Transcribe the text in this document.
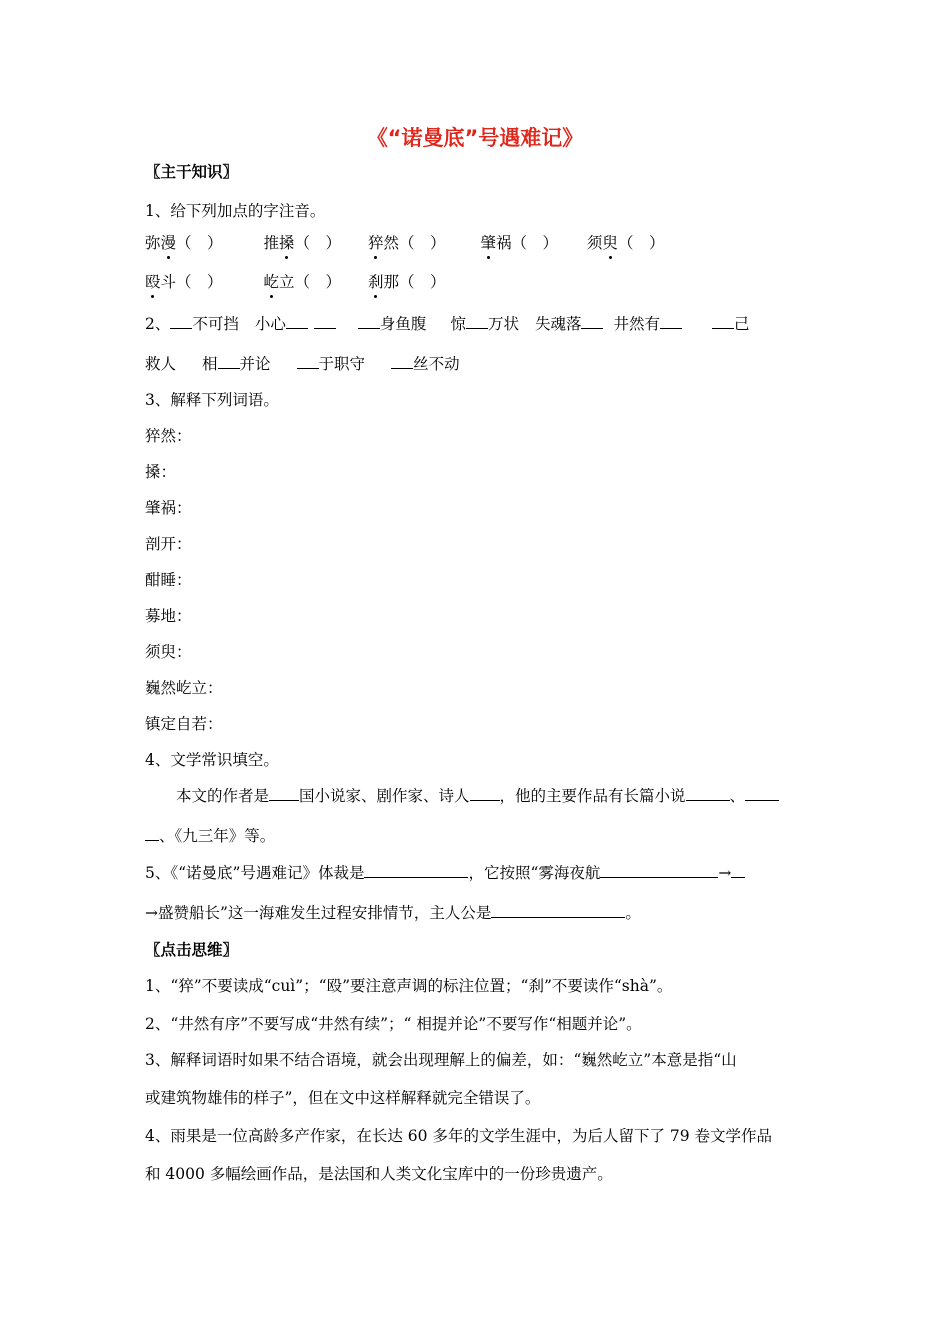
《“诺曼底”号遇难记》
〖主干知识〗
1、给下列加点的字注音。
弥漫（　）	推搡（　） 猝然（　） 肇祸（　） 须臾（　）
殴斗（　）	屹立（　） 刹那（　）
2、 不可挡 小心	身鱼腹 惊 万状 失魂落 井然有	己
救人 相 并论	于职守	丝不动
3、解释下列词语。
猝然：
搡：
肇祸：
剖开：
酣睡：
募地：
须臾：
巍然屹立：
镇定自若：
4、文学常识填空。
本文的作者是 国小说家、剧作家、诗人 ，他的主要作品有长篇小说	、
、《九三年》等。
5、《“诺曼底”号遇难记》体裁是	，它按照“雾海夜航	→
→盛赞船长”这一海难发生过程安排情节，主人公是	。
〖点击思维〗
1、“猝”不要读成“cuì”；“殴”要注意声调的标注位置；“刹”不要读作“shà”。
2、“井然有序”不要写成“井然有续”；“ 相提并论”不要写作“相题并论”。
3、解释词语时如果不结合语境，就会出现理解上的偏差，如：“巍然屹立”本意是指“山
或建筑物雄伟的样子”，但在文中这样解释就完全错误了。
4、雨果是一位高龄多产作家，在长达 60 多年的文学生涯中，为后人留下了 79 卷文学作品
和 4000 多幅绘画作品，是法国和人类文化宝库中的一份珍贵遗产。
